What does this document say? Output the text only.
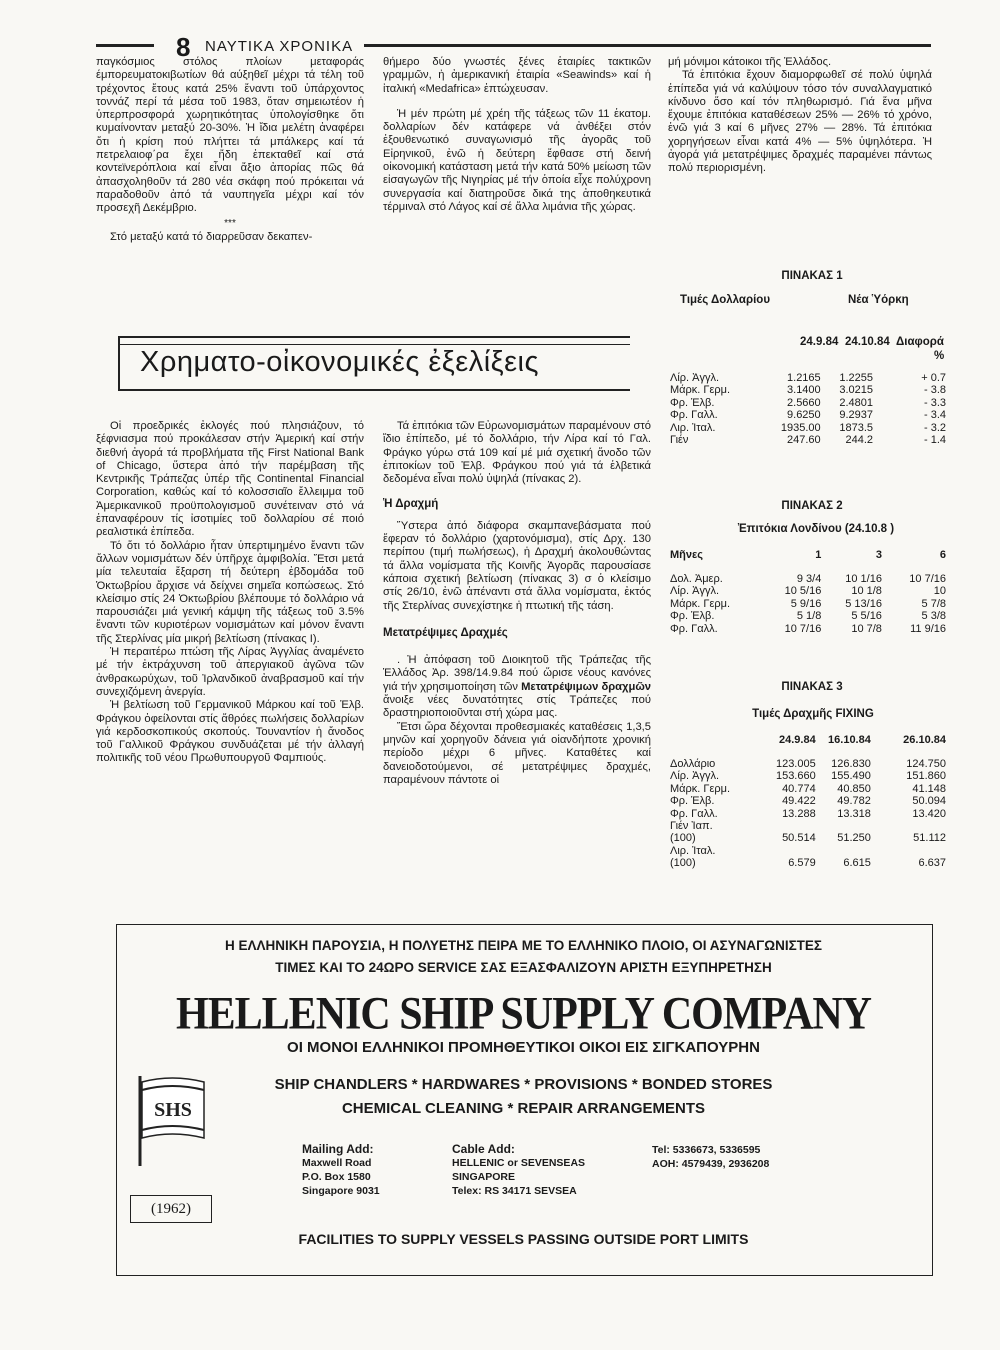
8 ΝΑΥΤΙΚΑ ΧΡΟΝΙΚΑ

παγκόσμιος στόλος πλοίων μεταφοράς έμπορευματοκιβωτίων θά αύξηθεῖ μέχρι τά τέλη τοῦ τρέχοντος ἔτους κατά 25% ἔναντι τοῦ ὑπάρχοντος τοννάζ περί τά μέσα τοῦ 1983, ὅταν σημειωτέον ἡ ὑπερπροσφορά χωρητικότητας ὑπολογίσθηκε ὅτι κυμαίνονταν μεταξύ 20-30%. Ἡ ἴδια μελέτη ἀναφέρει ὅτι ἡ κρίση πού πλήττει τά μπάλκερς καί τά πετρελαιοφ΄ρα ἔχει ἤδη ἐπεκταθεῖ καί στά κοντεϊνερόπλοια καί εἶναι ἄξιο ἀπορίας πῶς θά ἀπασχοληθοῦν τά 280 νέα σκάφη πού πρόκειται νά παραδοθοῦν ἀπό τά ναυπηγεῖα μέχρι καί τόν προσεχῆ Δεκέμβριο.

***

Στό μεταξύ κατά τό διαρρεῦσαν δεκαπεν-

θήμερο δύο γνωστές ξένες ἑταιρίες τακτικῶν γραμμῶν, ἡ ἀμερικανική ἑταιρία «Seawinds» καί ἡ ἰταλική «Medafrica» ἐπτώχευσαν.

Ἡ μέν πρώτη μέ χρέη τῆς τάξεως τῶν 11 ἑκατομ. δολλαρίων δέν κατάφερε νά ἀνθέξει στόν ἐξουθενωτικό συναγωνισμό τῆς ἀγορᾶς τοῦ Εἰρηνικοῦ, ἐνῶ ἡ δεύτερη ἔφθασε στή δεινή οἰκονομική κατάσταση μετά τήν κατά 50% μείωση τῶν εἰσαγωγῶν τῆς Νιγηρίας μέ τήν ὁποία εἶχε πολύχρονη συνεργασία καί διατηροῦσε δικά της ἀποθηκευτικά τέρμιναλ στό Λάγος καί σέ ἄλλα λιμάνια τῆς χώρας.

μή μόνιμοι κάτοικοι τῆς Ἑλλάδος.

Τά ἐπιτόκια ἔχουν διαμορφωθεῖ σέ πολύ ὑψηλά ἐπίπεδα γιά νά καλύψουν τόσο τόν συναλλαγματικό κίνδυνο ὅσο καί τόν πληθωρισμό. Γιά ἕνα μῆνα ἔχουμε ἐπιτόκια καταθέσεων 25% — 26% τό χρόνο, ἐνῶ γιά 3 καί 6 μῆνες 27% — 28%. Τά ἐπιτόκια χορηγήσεων εἶναι κατά 4% — 5% ὑψηλότερα. Ἡ ἀγορά γιά μετατρέψιμες δραχμές παραμένει πάντως πολύ περιορισμένη.

Χρηματο-οἰκονομικές ἐξελίξεις

Οἱ προεδρικές ἐκλογές πού πλησιάζουν, τό ξέφνιασμα πού προκάλεσαν στήν Ἀμερική καί στήν διεθνή ἀγορά τά προβλήματα τῆς First National Bank of Chicago, ὕστερα ἀπό τήν παρέμβαση τῆς Κεντρικῆς Τράπεζας ὑπέρ τῆς Continental Financial Corporation, καθώς καί τό κολοσσιαῖο ἔλλειμμα τοῦ Ἀμερικανικοῦ προϋπολογισμοῦ συνέτειναν στό νά ἐπαναφέρουν τίς ἰσοτιμίες τοῦ δολλαρίου σέ ποιό ρεαλιστικά ἐπίπεδα.

Τό ὅτι τό δολλάριο ἦταν ὑπερτιμημένο ἔναντι τῶν ἄλλων νομισμάτων δέν ὑπῆρχε ἀμφιβολία. Ἔτσι μετά μία τελευταία ἔξαρση τή δεύτερη ἑβδομάδα τοῦ Ὀκτωβρίου ἄρχισε νά δείχνει σημεῖα κοπώσεως. Στό κλείσιμο στίς 24 Ὀκτωβρίου βλέπουμε τό δολλάριο νά παρουσιάζει μιά γενική κάμψη τῆς τάξεως τοῦ 3.5% ἔναντι τῶν κυριοτέρων νομισμάτων καί μόνον ἔναντι τῆς Στερλίνας μία μικρή βελτίωση (πίνακας Ι).

Ἡ περαιτέρω πτώση τῆς Λίρας Ἀγγλίας ἀναμένετο μέ τήν ἐκτράχυνση τοῦ ἀπεργιακοῦ ἀγῶνα τῶν ἀνθρακωρύχων, τοῦ Ἰρλανδικοῦ ἀναβρασμοῦ καί τήν συνεχιζόμενη ἀνεργία.

Ἡ βελτίωση τοῦ Γερμανικοῦ Μάρκου καί τοῦ Ἑλβ. Φράγκου ὀφείλονται στίς ἄθρόες πωλήσεις δολλαρίων γιά κερδοσκοπικούς σκοπούς. Τουναντίον ἡ ἄνοδος τοῦ Γαλλικοῦ Φράγκου συνδυάζεται μέ τήν ἀλλαγή πολιτικῆς τοῦ νέου Πρωθυπουργοῦ Φαμπιούς.

Τά ἐπιτόκια τῶν Εὐρωνομισμάτων παραμένουν στό ἴδιο ἐπίπεδο, μέ τό δολλάριο, τήν Λίρα καί τό Γαλ. Φράγκο γύρω στά 109 καί μέ μιά σχετική ἄνοδο τῶν ἐπιτοκίων τοῦ Ἑλβ. Φράγκου πού γιά τά ἑλβετικά δεδομένα εἶναι πολύ ὑψηλά (πίνακας 2).

Ἡ Δραχμή

Ὕστερα ἀπό διάφορα σκαμπανεβάσματα πού ἔφεραν τό δολλάριο (χαρτονόμισμα), στίς Δρχ. 130 περίπου (τιμή πωλήσεως), ἡ Δραχμή ἀκολουθώντας τά ἄλλα νομίσματα τῆς Κοινῆς Ἀγορᾶς παρουσίασε κάποια σχετική βελτίωση (πίνακας 3) σ ὁ κλείσιμο στίς 26/10, ἐνῶ ἀπέναντι στά ἄλλα νομίσματα, ἐκτός τῆς Στερλίνας συνεχίστηκε ἡ πτωτική τῆς τάση.

Μετατρέψιμες Δραχμές

. Ἡ ἀπόφαση τοῦ Διοικητοῦ τῆς Τράπεζας τῆς Ἑλλάδος Ἀρ. 398/14.9.84 πού ὥρισε νέους κανόνες γιά τήν χρησιμοποίηση τῶν Μετατρέψιμων δραχμῶν ἄνοιξε νέες δυνατότητες στίς Τράπεζες πού δραστηριοποιοῦνται στή χώρα μας.

Ἔτσι ὥρα δέχονται προθεσμιακές καταθέσεις 1,3,5 μηνῶν καί χορηγοῦν δάνεια γιά οἱανδήποτε χρονική περίοδο μέχρι 6 μῆνες. Καταθέτες καί δανειοδοτούμενοι, σέ μετατρέψιμες δραχμές, παραμένουν πάντοτε οἱ

ΠΙΝΑΚΑΣ 1
Τιμές Δολλαρίου	Νέα Ὑόρκη
24.9.84 24.10.84 Διαφορά
%
Λίρ. Ἀγγλ.	1.2165	1.2255	+ 0.7
Μάρκ. Γερμ.	3.1400	3.0215	- 3.8
Φρ. Ἑλβ.	2.5660	2.4801	- 3.3
Φρ. Γαλλ.	9.6250	9.2937	- 3.4
Λιρ. Ἰταλ.	1935.00	1873.5	- 3.2
Γιέν	247.60	244.2	- 1.4
ΠΙΝΑΚΑΣ 2
Ἐπιτόκια Λονδίνου (24.10.8 )
Μῆνες	1	3	6
Δολ. Ἀμερ.	9 3/4	10 1/16	10 7/16
Λίρ. Ἀγγλ.	10 5/16	10 1/8	10
Μάρκ. Γερμ.	5 9/16	5 13/16	5 7/8
Φρ. Ἑλβ.	5 1/8	5 5/16	5 3/8
Φρ. Γαλλ.	10 7/16	10 7/8	11 9/16
ΠΙΝΑΚΑΣ 3
Τιμές Δραχμῆς FIXING
	24.9.84	16.10.84	26.10.84
Δολλάριο	123.005	126.830	124.750
Λίρ. Ἀγγλ.	153.660	155.490	151.860
Μάρκ. Γερμ.	40.774	40.850	41.148
Φρ. Ἑλβ.	49.422	49.782	50.094
Φρ. Γαλλ.	13.288	13.318	13.420
Γιέν Ἰαπ.			
(100)	50.514	51.250	51.112
Λιρ. Ἰταλ.			
(100)	6.579	6.615	6.637
Η ΕΛΛΗΝΙΚΗ ΠΑΡΟΥΣΙΑ, Η ΠΟΛΥΕΤΗΣ ΠΕΙΡΑ ΜΕ ΤΟ ΕΛΛΗΝΙΚΟ ΠΛΟΙΟ, ΟΙ ΑΣΥΝΑΓΩΝΙΣΤΕΣ
ΤΙΜΕΣ ΚΑΙ ΤΟ 24ΩΡΟ SERVICE ΣΑΣ ΕΞΑΣΦΑΛΙΖΟΥΝ ΑΡΙΣΤΗ ΕΞΥΠΗΡΕΤΗΣΗ
HELLENIC SHIP SUPPLY COMPANY
ΟΙ ΜΟΝΟΙ ΕΛΛΗΝΙΚΟΙ ΠΡΟΜΗΘΕΥΤΙΚΟΙ ΟΙΚΟΙ ΕΙΣ ΣΙΓΚΑΠΟΥΡΗΝ
SHS
(1962)
SHIP CHANDLERS * HARDWARES * PROVISIONS * BONDED STORES
CHEMICAL CLEANING * REPAIR ARRANGEMENTS
Mailing Add:
Maxwell Road
P.O. Box 1580
Singapore 9031
Cable Add:
HELLENIC or SEVENSEAS
SINGAPORE
Telex: RS 34171 SEVSEA
Tel: 5336673, 5336595
AOH: 4579439, 2936208
FACILITIES TO SUPPLY VESSELS PASSING OUTSIDE PORT LIMITS
